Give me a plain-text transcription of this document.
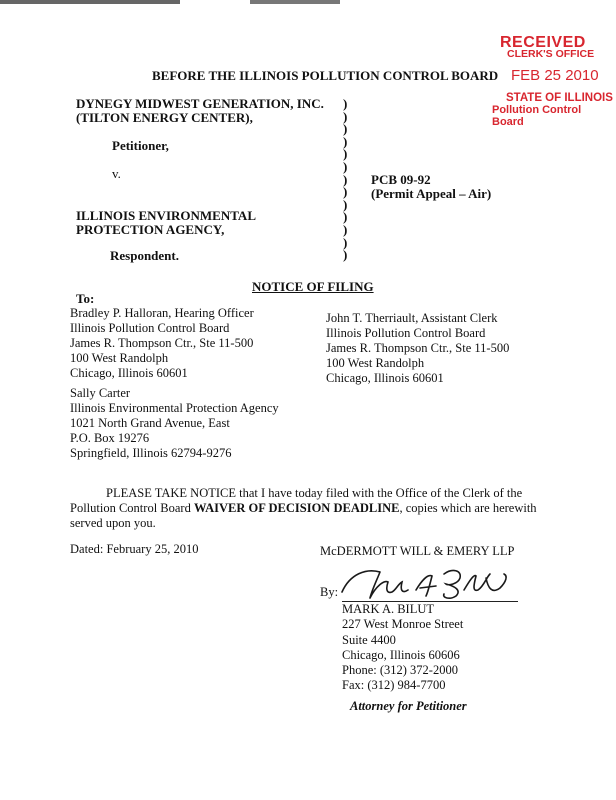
RECEIVED
CLERK'S OFFICE
FEB 25 2010
STATE OF ILLINOIS
Pollution Control Board
BEFORE THE ILLINOIS POLLUTION CONTROL BOARD
DYNEGY MIDWEST GENERATION, INC.
(TILTON ENERGY CENTER),
Petitioner,
v.
ILLINOIS ENVIRONMENTAL
PROTECTION AGENCY,
Respondent.
)
)
)
)
)
)
)
)
)
)
)
)
)
PCB 09-92
(Permit Appeal – Air)
NOTICE OF FILING
To:
Bradley P. Halloran, Hearing Officer
Illinois Pollution Control Board
James R. Thompson Ctr., Ste 11-500
100 West Randolph
Chicago, Illinois 60601
John T. Therriault, Assistant Clerk
Illinois Pollution Control Board
James R. Thompson Ctr., Ste 11-500
100 West Randolph
Chicago, Illinois 60601
Sally Carter
Illinois Environmental Protection Agency
1021 North Grand Avenue, East
P.O. Box 19276
Springfield, Illinois 62794-9276
PLEASE TAKE NOTICE that I have today filed with the Office of the Clerk of the
Pollution Control Board WAIVER OF DECISION DEADLINE, copies which are herewith
served upon you.
Dated: February 25, 2010	McDERMOTT WILL & EMERY LLP
By:
MARK A. BILUT
227 West Monroe Street
Suite 4400
Chicago, Illinois 60606
Phone: (312) 372-2000
Fax: (312) 984-7700
Attorney for Petitioner
